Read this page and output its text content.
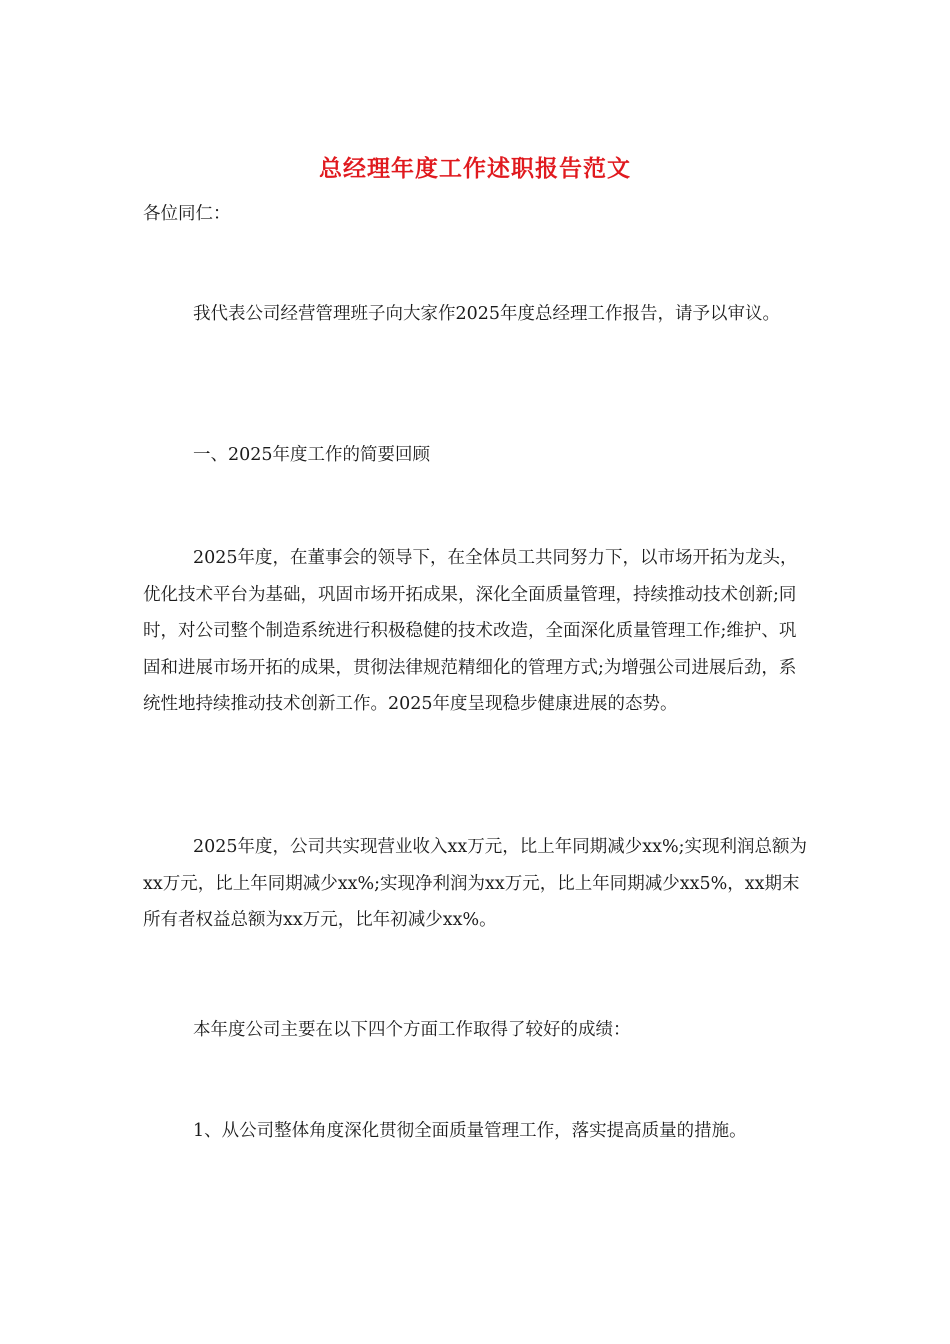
总经理年度工作述职报告范文

各位同仁：

我代表公司经营管理班子向大家作2025年度总经理工作报告，请予以审议。

一、2025年度工作的简要回顾

2025年度，在董事会的领导下，在全体员工共同努力下，以市场开拓为龙头，优化技术平台为基础，巩固市场开拓成果，深化全面质量管理，持续推动技术创新;同时，对公司整个制造系统进行积极稳健的技术改造，全面深化质量管理工作;维护、巩固和进展市场开拓的成果，贯彻法律规范精细化的管理方式;为增强公司进展后劲，系统性地持续推动技术创新工作。2025年度呈现稳步健康进展的态势。

2025年度，公司共实现营业收入xx万元，比上年同期减少xx%;实现利润总额为xx万元，比上年同期减少xx%;实现净利润为xx万元，比上年同期减少xx5%，xx期末所有者权益总额为xx万元，比年初减少xx%。

本年度公司主要在以下四个方面工作取得了较好的成绩：

1、从公司整体角度深化贯彻全面质量管理工作，落实提高质量的措施。
